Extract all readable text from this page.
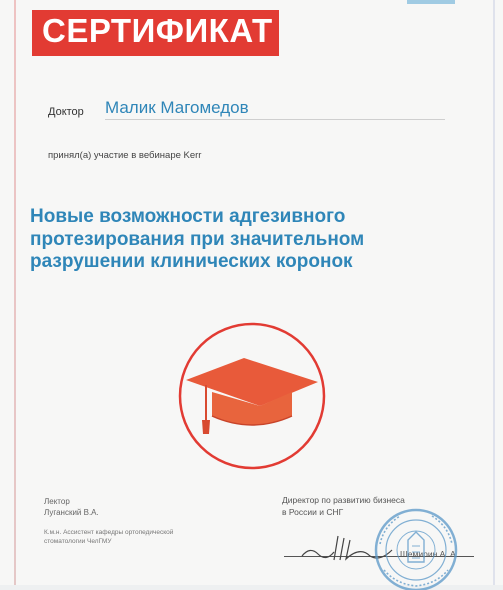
СЕРТИФИКАТ
Доктор Малик Магомедов
принял(а) участие в вебинаре Kerr
Новые возможности адгезивного
протезирования при значительном
разрушении клинических коронок
Лектор
Луганский В.А.
К.м.н. Ассистент кафедры ортопедической стоматологии ЧелГМУ
Директор по развитию бизнеса
в России и СНГ
Шемирин А. А.
